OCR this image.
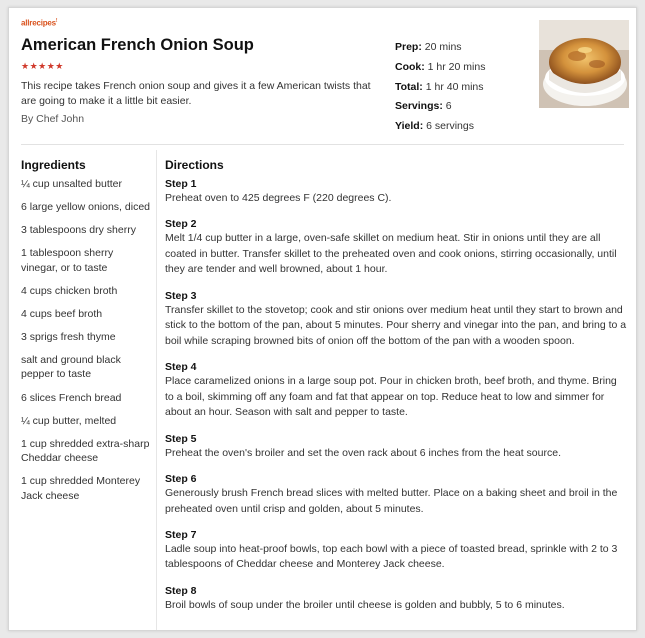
allrecipes!
American French Onion Soup
★★★★★
This recipe takes French onion soup and gives it a few American twists that are going to make it a little bit easier.
By Chef John
Prep: 20 mins
Cook: 1 hr 20 mins
Total: 1 hr 40 mins
Servings: 6
Yield: 6 servings
Ingredients
¼ cup unsalted butter
6 large yellow onions, diced
3 tablespoons dry sherry
1 tablespoon sherry vinegar, or to taste
4 cups chicken broth
4 cups beef broth
3 sprigs fresh thyme
salt and ground black pepper to taste
6 slices French bread
¼ cup butter, melted
1 cup shredded extra-sharp Cheddar cheese
1 cup shredded Monterey Jack cheese
Directions
Step 1
Preheat oven to 425 degrees F (220 degrees C).
Step 2
Melt 1/4 cup butter in a large, oven-safe skillet on medium heat. Stir in onions until they are all coated in butter. Transfer skillet to the preheated oven and cook onions, stirring occasionally, until they are tender and well browned, about 1 hour.
Step 3
Transfer skillet to the stovetop; cook and stir onions over medium heat until they start to brown and stick to the bottom of the pan, about 5 minutes. Pour sherry and vinegar into the pan, and bring to a boil while scraping browned bits of onion off the bottom of the pan with a wooden spoon.
Step 4
Place caramelized onions in a large soup pot. Pour in chicken broth, beef broth, and thyme. Bring to a boil, skimming off any foam and fat that appear on top. Reduce heat to low and simmer for about an hour. Season with salt and pepper to taste.
Step 5
Preheat the oven's broiler and set the oven rack about 6 inches from the heat source.
Step 6
Generously brush French bread slices with melted butter. Place on a baking sheet and broil in the preheated oven until crisp and golden, about 5 minutes.
Step 7
Ladle soup into heat-proof bowls, top each bowl with a piece of toasted bread, sprinkle with 2 to 3 tablespoons of Cheddar cheese and Monterey Jack cheese.
Step 8
Broil bowls of soup under the broiler until cheese is golden and bubbly, 5 to 6 minutes.
